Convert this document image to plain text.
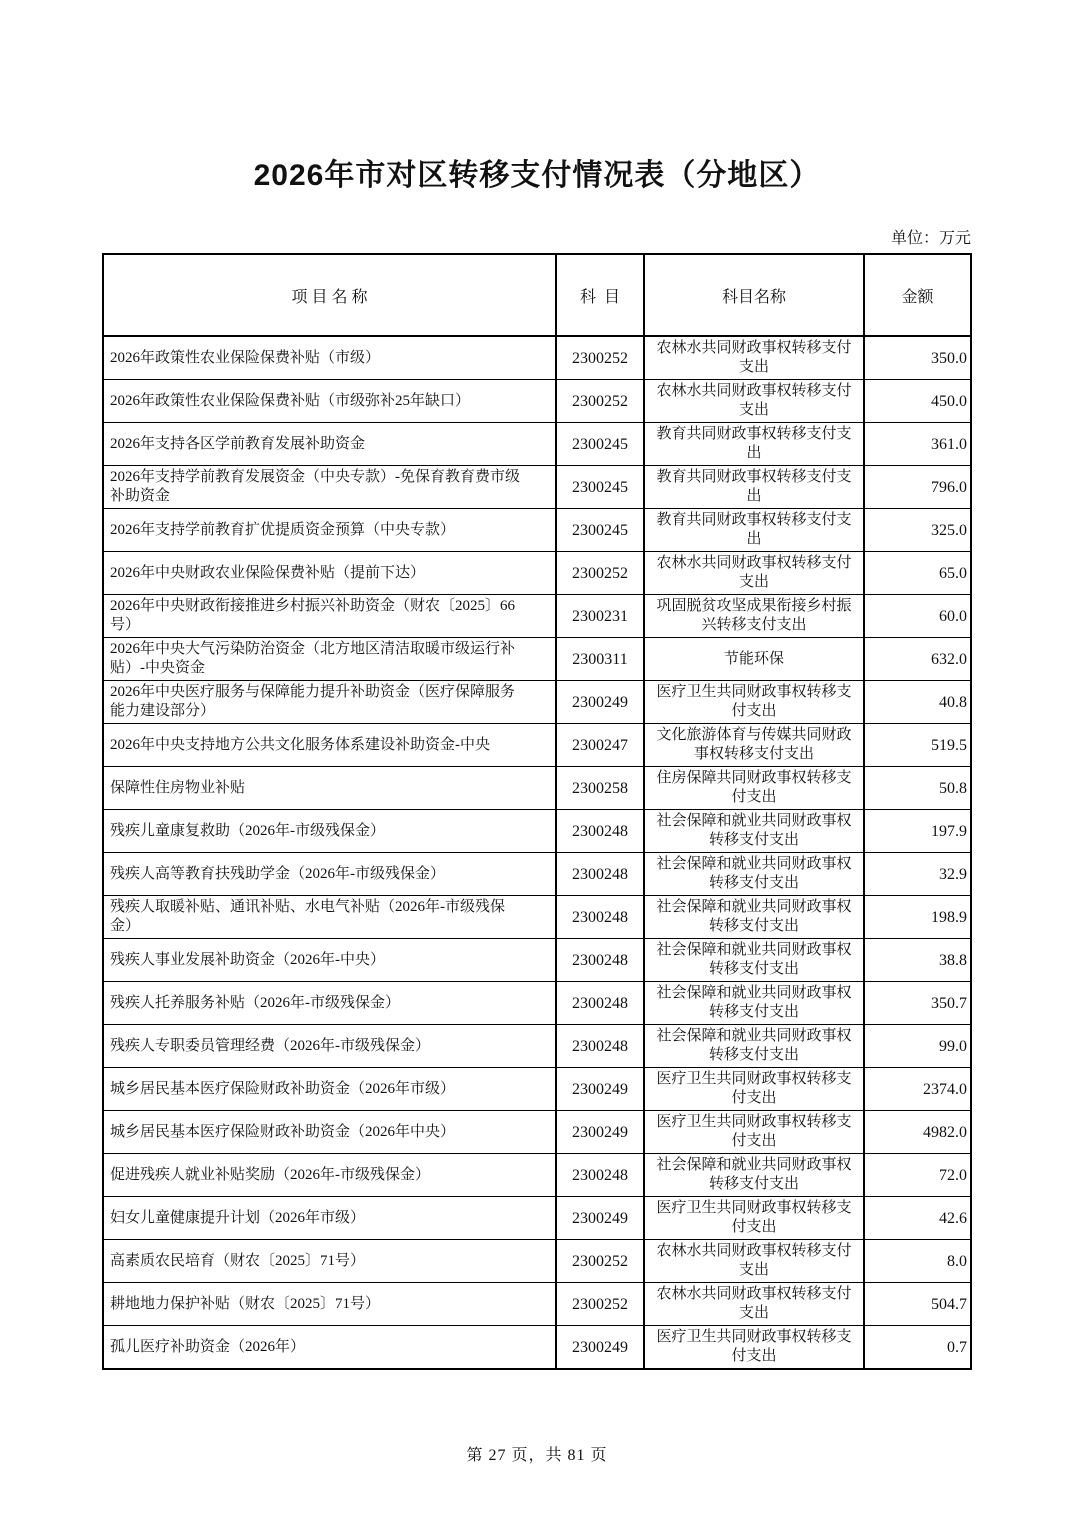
2026年市对区转移支付情况表（分地区）
单位：万元
项 目 名 称	科  目	科目名称	金额
2026年政策性农业保险保费补贴（市级）	2300252	农林水共同财政事权转移支付支出	350.0
2026年政策性农业保险保费补贴（市级弥补25年缺口）	2300252	农林水共同财政事权转移支付支出	450.0
2026年支持各区学前教育发展补助资金	2300245	教育共同财政事权转移支付支出	361.0
2026年支持学前教育发展资金（中央专款）-免保育教育费市级补助资金	2300245	教育共同财政事权转移支付支出	796.0
2026年支持学前教育扩优提质资金预算（中央专款）	2300245	教育共同财政事权转移支付支出	325.0
2026年中央财政农业保险保费补贴（提前下达）	2300252	农林水共同财政事权转移支付支出	65.0
2026年中央财政衔接推进乡村振兴补助资金（财农〔2025〕66号）	2300231	巩固脱贫攻坚成果衔接乡村振兴转移支付支出	60.0
2026年中央大气污染防治资金（北方地区清洁取暖市级运行补贴）-中央资金	2300311	节能环保	632.0
2026年中央医疗服务与保障能力提升补助资金（医疗保障服务能力建设部分）	2300249	医疗卫生共同财政事权转移支付支出	40.8
2026年中央支持地方公共文化服务体系建设补助资金-中央	2300247	文化旅游体育与传媒共同财政事权转移支付支出	519.5
保障性住房物业补贴	2300258	住房保障共同财政事权转移支付支出	50.8
残疾儿童康复救助（2026年-市级残保金）	2300248	社会保障和就业共同财政事权转移支付支出	197.9
残疾人高等教育扶残助学金（2026年-市级残保金）	2300248	社会保障和就业共同财政事权转移支付支出	32.9
残疾人取暖补贴、通讯补贴、水电气补贴（2026年-市级残保金）	2300248	社会保障和就业共同财政事权转移支付支出	198.9
残疾人事业发展补助资金（2026年-中央）	2300248	社会保障和就业共同财政事权转移支付支出	38.8
残疾人托养服务补贴（2026年-市级残保金）	2300248	社会保障和就业共同财政事权转移支付支出	350.7
残疾人专职委员管理经费（2026年-市级残保金）	2300248	社会保障和就业共同财政事权转移支付支出	99.0
城乡居民基本医疗保险财政补助资金（2026年市级）	2300249	医疗卫生共同财政事权转移支付支出	2374.0
城乡居民基本医疗保险财政补助资金（2026年中央）	2300249	医疗卫生共同财政事权转移支付支出	4982.0
促进残疾人就业补贴奖励（2026年-市级残保金）	2300248	社会保障和就业共同财政事权转移支付支出	72.0
妇女儿童健康提升计划（2026年市级）	2300249	医疗卫生共同财政事权转移支付支出	42.6
高素质农民培育（财农〔2025〕71号）	2300252	农林水共同财政事权转移支付支出	8.0
耕地地力保护补贴（财农〔2025〕71号）	2300252	农林水共同财政事权转移支付支出	504.7
孤儿医疗补助资金（2026年）	2300249	医疗卫生共同财政事权转移支付支出	0.7
第 27 页，共 81 页
